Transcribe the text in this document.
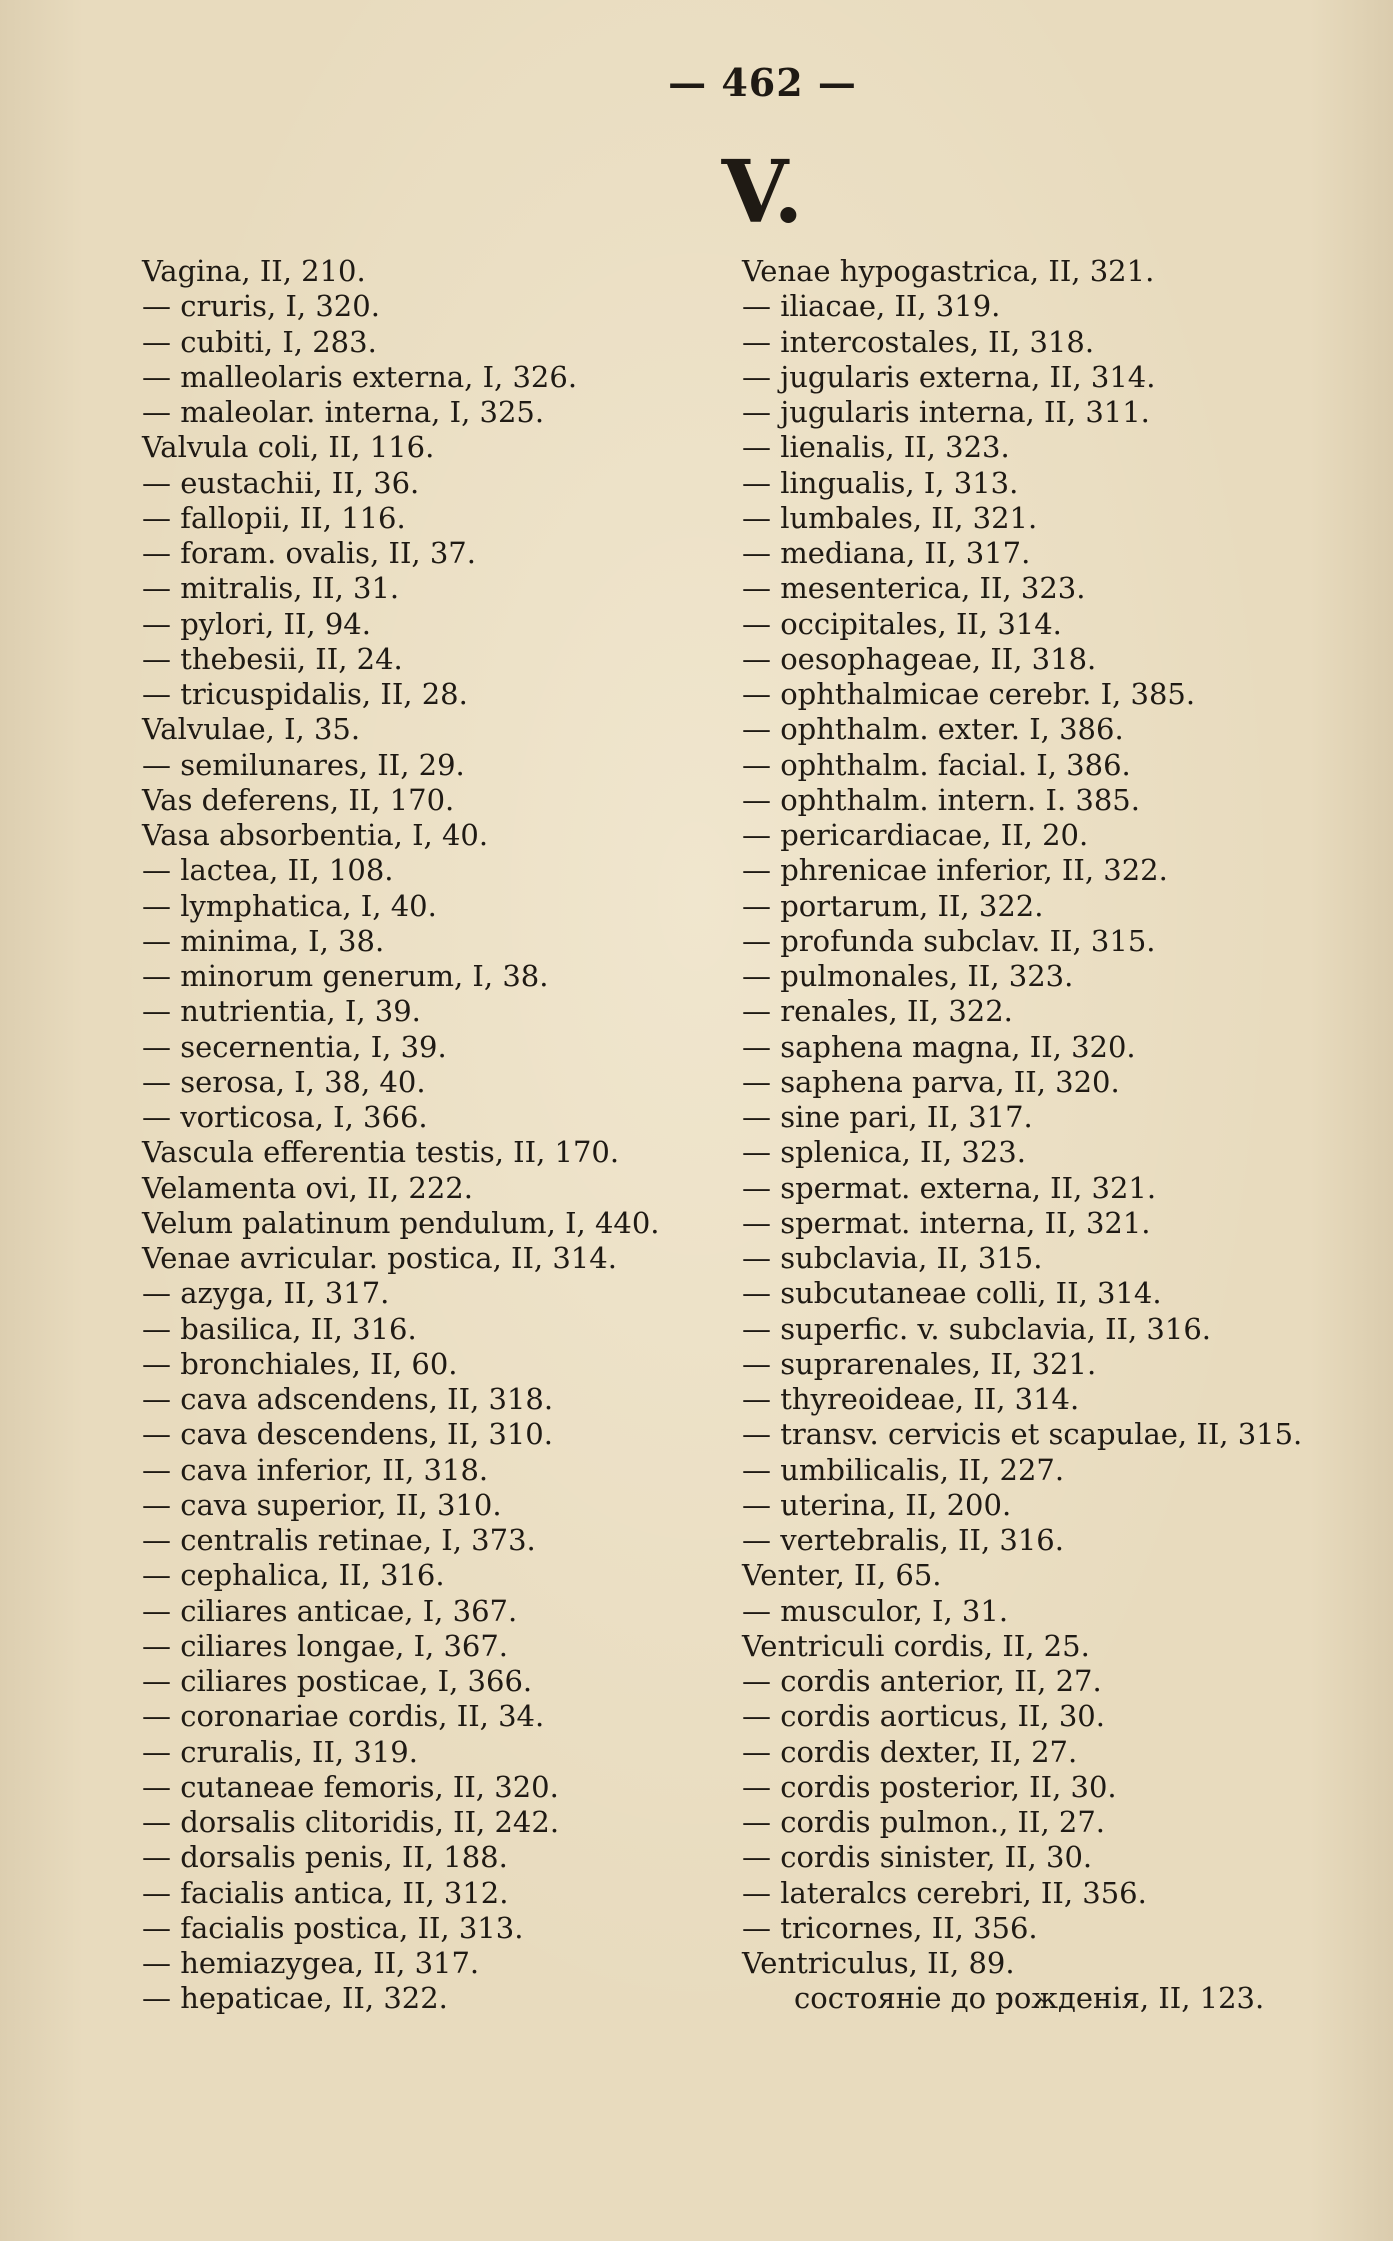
— 462 —
V.
Vagina, II, 210.
— cruris, I, 320.
— cubiti, I, 283.
— malleolaris externa, I, 326.
— maleolar. interna, I, 325.
Valvula coli, II, 116.
— eustachii, II, 36.
— fallopii, II, 116.
— foram. ovalis, II, 37.
— mitralis, II, 31.
— pylori, II, 94.
— thebesii, II, 24.
— tricuspidalis, II, 28.
Valvulae, I, 35.
— semilunares, II, 29.
Vas deferens, II, 170.
Vasa absorbentia, I, 40.
— lactea, II, 108.
— lymphatica, I, 40.
— minima, I, 38.
— minorum generum, I, 38.
— nutrientia, I, 39.
— secernentia, I, 39.
— serosa, I, 38, 40.
— vorticosa, I, 366.
Vascula efferentia testis, II, 170.
Velamenta ovi, II, 222.
Velum palatinum pendulum, I, 440.
Venae avricular. postica, II, 314.
— azyga, II, 317.
— basilica, II, 316.
— bronchiales, II, 60.
— cava adscendens, II, 318.
— cava descendens, II, 310.
— cava inferior, II, 318.
— cava superior, II, 310.
— centralis retinae, I, 373.
— cephalica, II, 316.
— ciliares anticae, I, 367.
— ciliares longae, I, 367.
— ciliares posticae, I, 366.
— coronariae cordis, II, 34.
— cruralis, II, 319.
— cutaneae femoris, II, 320.
— dorsalis clitoridis, II, 242.
— dorsalis penis, II, 188.
— facialis antica, II, 312.
— facialis postica, II, 313.
— hemiazygea, II, 317.
— hepaticae, II, 322.
Venae hypogastrica, II, 321.
— iliacae, II, 319.
— intercostales, II, 318.
— jugularis externa, II, 314.
— jugularis interna, II, 311.
— lienalis, II, 323.
— lingualis, I, 313.
— lumbales, II, 321.
— mediana, II, 317.
— mesenterica, II, 323.
— occipitales, II, 314.
— oesophageae, II, 318.
— ophthalmicae cerebr. I, 385.
— ophthalm. exter. I, 386.
— ophthalm. facial. I, 386.
— ophthalm. intern. I. 385.
— pericardiacae, II, 20.
— phrenicae inferior, II, 322.
— portarum, II, 322.
— profunda subclav. II, 315.
— pulmonales, II, 323.
— renales, II, 322.
— saphena magna, II, 320.
— saphena parva, II, 320.
— sine pari, II, 317.
— splenica, II, 323.
— spermat. externa, II, 321.
— spermat. interna, II, 321.
— subclavia, II, 315.
— subcutaneae colli, II, 314.
— superfic. v. subclavia, II, 316.
— suprarenales, II, 321.
— thyreoideae, II, 314.
— transv. cervicis et scapulae, II, 315.
— umbilicalis, II, 227.
— uterina, II, 200.
— vertebralis, II, 316.
Venter, II, 65.
— musculor, I, 31.
Ventriculi cordis, II, 25.
— cordis anterior, II, 27.
— cordis aorticus, II, 30.
— cordis dexter, II, 27.
— cordis posterior, II, 30.
— cordis pulmon., II, 27.
— cordis sinister, II, 30.
— lateralcs cerebri, II, 356.
— tricornes, II, 356.
Ventriculus, II, 89.
состоянiе до рожденiя, II, 123.
